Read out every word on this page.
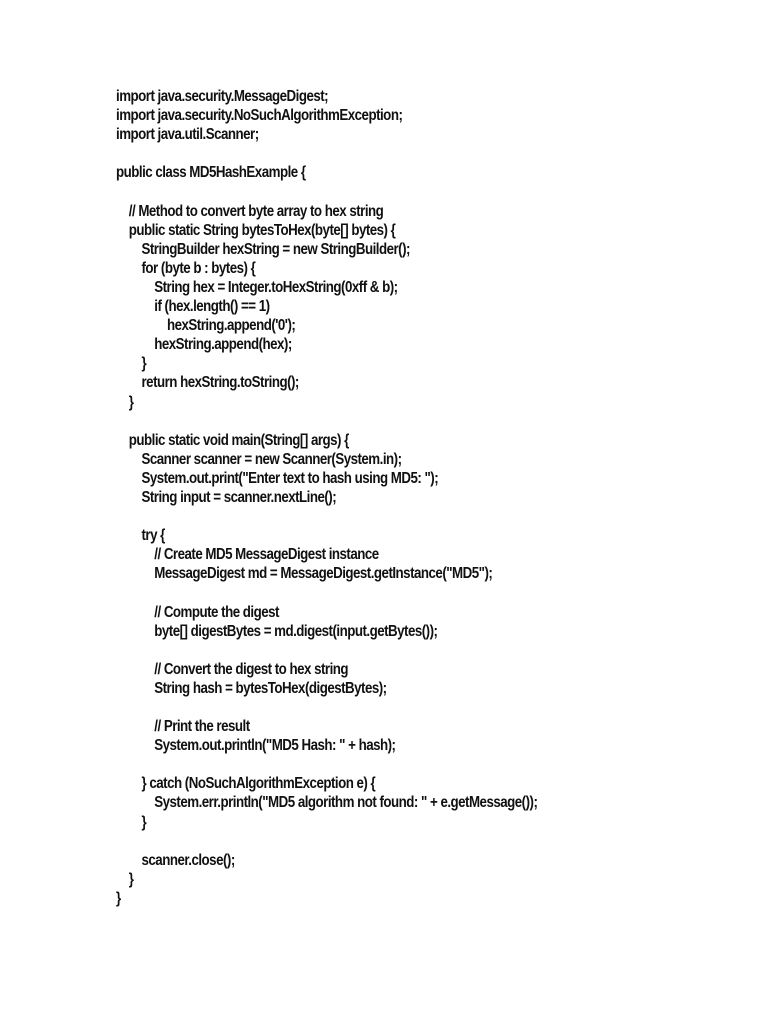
import java.security.MessageDigest;
import java.security.NoSuchAlgorithmException;
import java.util.Scanner;
public class MD5HashExample {
// Method to convert byte array to hex string
public static String bytesToHex(byte[] bytes) {
StringBuilder hexString = new StringBuilder();
for (byte b : bytes) {
String hex = Integer.toHexString(0xff & b);
if (hex.length() == 1)
hexString.append('0');
hexString.append(hex);
}
return hexString.toString();
}
public static void main(String[] args) {
Scanner scanner = new Scanner(System.in);
System.out.print("Enter text to hash using MD5: ");
String input = scanner.nextLine();
try {
// Create MD5 MessageDigest instance
MessageDigest md = MessageDigest.getInstance("MD5");
// Compute the digest
byte[] digestBytes = md.digest(input.getBytes());
// Convert the digest to hex string
String hash = bytesToHex(digestBytes);
// Print the result
System.out.println("MD5 Hash: " + hash);
} catch (NoSuchAlgorithmException e) {
System.err.println("MD5 algorithm not found: " + e.getMessage());
}
scanner.close();
}
}
